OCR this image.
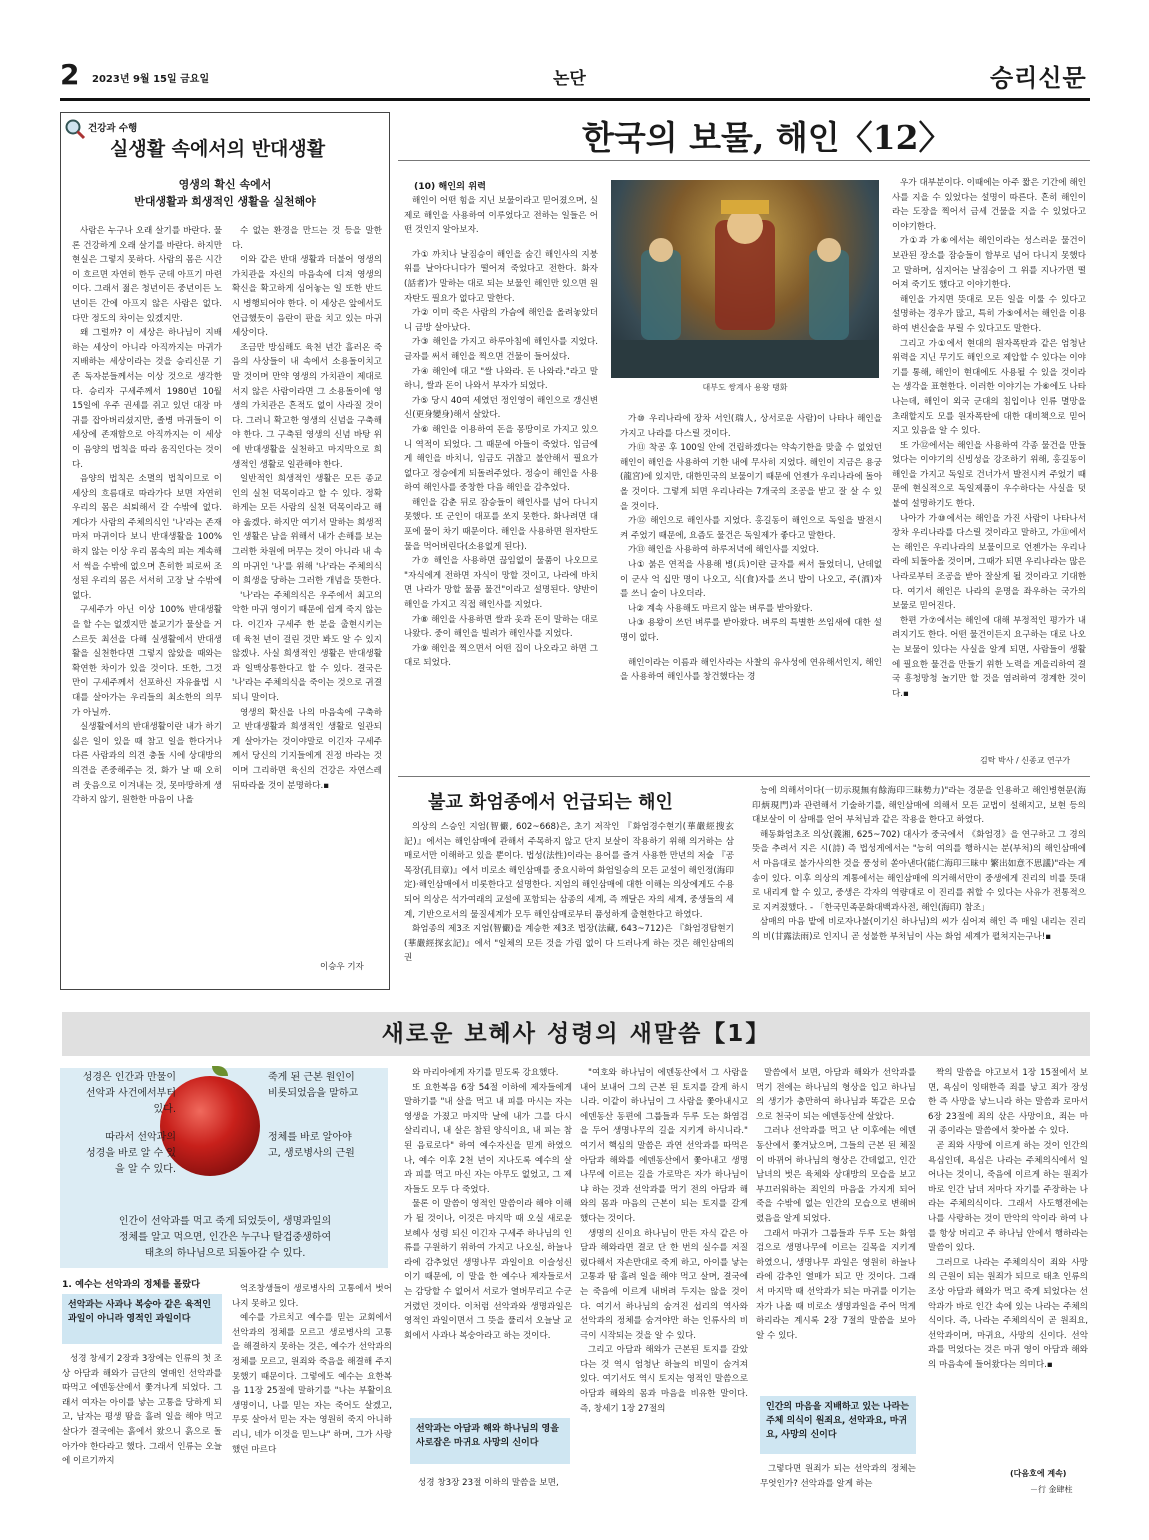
2 2023년 9월 15일 금요일	논단	승리신문
건강과 수행
실생활 속에서의 반대생활
영생의 확신 속에서
반대생활과 희생적인 생활을 실천해야

사람은 누구나 오래 살기를 바란다. 물론 건강하게 오래 살기를 바란다. 하지만 현실은 그렇지 못하다. 사람의 몸은 시간이 흐르면 자연히 한두 군데 아프기 마련이다. 그래서 젊은 청년이든 중년이든 노년이든 간에 아프지 않은 사람은 없다. 다만 정도의 차이는 있겠지만.

왜 그럴까? 이 세상은 하나님이 지배하는 세상이 아니라 아직까지는 마귀가 지배하는 세상이라는 것을 승리신문 기존 독자분들께서는 이상 것으로 생각한다. 승리자 구세주께서 1980년 10월 15일에 우주 권세를 쥐고 있던 대장 마귀를 잡아버리셨지만, 졸병 마귀들이 이 세상에 존재함으로 아직까지는 이 세상이 음양의 법칙을 따라 움직인다는 것이다.

음양의 법칙은 소멸의 법칙이므로 이 세상의 흐름대로 따라가다 보면 자연히 우리의 몸은 쇠퇴해서 갈 수밖에 없다. 게다가 사람의 주체의식인 '나'라는 존재마저 마귀이다 보니 반대생활을 100% 하지 않는 이상 우리 몸속의 피는 계속해서 썩을 수밖에 없으며 흔히한 피로써 조성된 우리의 몸은 서서히 고장 날 수밖에 없다.

구세주가 아닌 이상 100% 반대생활을 할 수는 없겠지만 불교기가 물살을 거스르듯 최선을 다해 실생활에서 반대생활을 실천한다면 그렇지 않았을 때와는 확연한 차이가 있을 것이다. 또한, 그것만이 구세주께서 선포하신 자유율법 시대를 살아가는 우리들의 최소한의 의무가 아닐까.

실생활에서의 반대생활이란 내가 하기 싫은 일이 있을 때 참고 일을 한다거나 다른 사람과의 의견 충돌 시에 상대방의 의견을 존중해주는 것, 화가 날 때 오히려 웃음으로 이겨내는 것, 못마땅하게 생각하지 않기, 원한한 마음이 나올

수 없는 환경을 만드는 것 등을 말한다.

이와 같은 반대 생활과 더불어 영생의 가치관을 자신의 마음속에 디져 영생의 확신을 확고하게 심어놓는 일 또한 반드시 병행되어야 한다. 이 세상은 앞에서도 언급했듯이 음란이 판을 치고 있는 마귀 세상이다.

조금만 방심해도 육천 년간 흘러온 죽음의 사상들이 내 속에서 소용돌이치고 말 것이며 만약 영생의 가치관이 제대로 서지 않은 사람이라면 그 소용돌이에 영생의 가치관은 흔적도 없이 사라질 것이다. 그러니 확고한 영생의 신념을 구축해야 한다. 그 구축된 영생의 신념 바탕 위에 반대생활을 실천하고 마지막으로 희생적인 생활로 일관해야 한다.

일반적인 희생적인 생활은 모든 종교인의 실천 덕목이라고 할 수 있다. 정확하게는 모든 사람의 실천 덕목이라고 해야 옳겠다. 하지만 여기서 말하는 희생적인 생활은 남을 위해서 내가 손해를 보는 그러한 차원에 머무는 것이 아니라 내 속의 마귀인 '나'를 위해 '나'라는 주체의식이 희생을 당하는 그러한 개념을 뜻한다.

'나'라는 주체의식은 우주에서 최고의 악한 마귀 영이기 때문에 쉽게 죽지 않는다. 이긴자 구세주 한 분을 출현시키는 데 육천 년이 걸린 것만 봐도 알 수 있지 않겠나. 사실 희생적인 생활은 반대생활과 일맥상통한다고 할 수 있다. 결국은 '나'라는 주체의식을 죽이는 것으로 귀결되니 말이다.

영생의 확신을 나의 마음속에 구축하고 반대생활과 희생적인 생활로 일관되게 살아가는 것이야말로 이긴자 구세주께서 당신의 기지들에게 진정 바라는 것이며 그리하면 육신의 건강은 자연스레 뒤따라올 것이 분명하다.▪

이승우 기자
한국의 보물, 해인〈12〉
(10) 해인의 위력

해인이 어떤 힘을 지닌 보물이라고 믿어졌으며, 실제로 해인을 사용하여 이루었다고 전하는 일들은 어떤 것인지 알아보자.

가① 까치나 날짐승이 해인을 숨긴 해인사의 지붕 위를 날아다니다가 떨어져 죽었다고 전한다. 화자(話者)가 말하는 대로 되는 보물인 해인만 있으면 원자탄도 필요가 없다고 말한다.

가② 이미 죽은 사람의 가슴에 해인을 올려놓았더니 금방 살아났다.

가③ 해인을 가지고 하루아침에 해인사를 지었다. 글자를 써서 해인을 찍으면 건물이 들어섰다.

가④ 해인에 대고 "쌀 나와라. 돈 나와라."라고 말하니, 쌀과 돈이 나와서 부자가 되었다.

가⑤ 당시 40여 세였던 정인영이 해인으로 갱신변신(更身變身)해서 살았다.

가⑥ 해인을 이용하여 돈을 몽땅이로 가지고 있으니 역적이 되었다. 그 때문에 아들이 죽었다. 임금에게 해인을 바치니, 임금도 귀찮고 불안해서 필요가 없다고 정승에게 되돌려주었다. 정승이 해인을 사용하여 해인사를 중창한 다음 해인을 감추었다.

해인을 감춘 뒤로 잠승들이 해인사를 넘어 다니지 못했다. 또 군인이 대포를 쏘지 못한다. 화나려면 대포에 물이 차기 때문이다. 해인을 사용하면 원자탄도 물을 먹어버린다(소용없게 된다).

가⑦ 해인을 사용하면 끊임없이 물품이 나오므로 "자식에게 전하면 자식이 망할 것이고, 나라에 바치면 나라가 망할 물품 물건"이라고 설명된다. 양반이 해인을 가지고 직접 해인사를 지었다.

가⑧ 해인을 사용하면 쌀과 옷과 돈이 말하는 대로 나왔다. 중이 해인을 빌려가 해인사를 지었다.

가⑨ 해인을 찍으면서 어떤 집이 나오라고 하면 그대로 되었다.

대부도 쌍계사 용왕 탱화

가⑩ 우리나라에 장차 서인(瑞人, 상서로운 사람)이 나타나 해인을 가지고 나라를 다스릴 것이다.

가⑪ 착공 후 100일 안에 건립하겠다는 약속기한을 맞출 수 없었던 해인이 해인을 사용하여 기한 내에 무사히 지었다. 해인이 지금은 용궁(龍宮)에 있지만, 대한민국의 보물이기 때문에 언젠가 우리나라에 돌아올 것이다. 그렇게 되면 우리나라는 7개국의 조공을 받고 잘 살 수 있을 것이다.

가⑫ 해인으로 해인사를 지었다. 홍길동이 해인으로 독일을 발전시켜 주었기 때문에, 요즘도 물건은 독일제가 좋다고 말한다.

가⑬ 해인을 사용하여 하루저녁에 해인사를 지었다.

나① 붉은 연적을 사용해 병(兵)이란 글자를 써서 들었더니, 난데없이 군사 억 십만 명이 나오고, 식(食)자를 쓰니 밥이 나오고, 주(酒)자를 쓰니 술이 나오더라.

나② 계속 사용해도 마르지 않는 벼루를 받아왔다.

나③ 용왕이 쓰던 벼루를 받아왔다. 벼루의 특별한 쓰임새에 대한 설명이 없다.

해인이라는 이름과 해인사라는 사찰의 유사성에 연유해서인지, 해인을 사용하여 해인사를 창건했다는 경

우가 대부분이다. 이때에는 아주 짧은 기간에 해인사를 지을 수 있었다는 설명이 따른다. 흔히 해인이라는 도장을 찍어서 금세 건물을 지을 수 있었다고 이야기한다.

가①과 가⑥에서는 해인이라는 성스러운 물건이 보관된 장소를 잠승들이 함부로 넘어 다니지 못했다고 말하며, 심지어는 날짐승이 그 위를 지나가면 떨어져 죽기도 했다고 이야기한다.

해인을 가지면 뜻대로 모든 일을 이룰 수 있다고 설명하는 경우가 많고, 특히 가⑤에서는 해인을 이용하여 변신술을 부릴 수 있다고도 말한다.

그리고 가①에서 현대의 원자폭탄과 같은 엄청난 위력을 지닌 무기도 해인으로 제압할 수 있다는 이야기를 통해, 해인이 현대에도 사용될 수 있을 것이라는 생각을 표현한다. 이러한 이야기는 가⑥에도 나타나는데, 해인이 외국 군대의 침입이나 인류 멸망을 초래할지도 모를 원자폭탄에 대한 대비책으로 믿어지고 있음을 알 수 있다.

또 가⑫에서는 해인을 사용하여 각종 물건을 만들었다는 이야기의 신빙성을 강조하기 위해, 홍길동이 해인을 가지고 독일로 건너가서 발전시켜 주었기 때문에 현실적으로 독일제품이 우수하다는 사실을 덧붙여 설명하기도 한다.

나아가 가⑩에서는 해인을 가진 사람이 나타나서 장차 우리나라를 다스릴 것이라고 말하고, 가⑪에서는 해인은 우리나라의 보물이므로 언젠가는 우리나라에 되돌아올 것이며, 그때가 되면 우리나라는 많은 나라로부터 조공을 받아 잘살게 될 것이라고 기대한다. 여기서 해인은 나라의 운명을 좌우하는 국가의 보물로 믿어진다.

한편 가⑦에서는 해인에 대해 부정적인 평가가 내려지기도 한다. 어떤 물건이든지 요구하는 대로 나오는 보물이 있다는 사실을 알게 되면, 사람들이 생활에 필요한 물건을 만들기 위한 노력을 게을리하여 결국 흥청망청 놀기만 할 것을 염려하여 경계한 것이다.▪

김탁 박사 / 신종교 연구가
불교 화엄종에서 언급되는 해인

의상의 스승인 지엄(智儼, 602~668)은, 초기 저작인 『화엄경수현기(華嚴經搜玄記)』에서는 해인삼매에 관해서 주목하지 않고 단지 보살이 작용하기 위해 의거하는 삼매로서만 이해하고 있을 뿐이다. 법성(法性)이라는 용어를 즐겨 사용한 만년의 저술 『공목장(孔目章)』에서 비로소 해인삼매를 중요시하여 화엄일승의 모든 교설이 해인정(海印定)·해인삼매에서 비롯한다고 설명한다. 지엄의 해인삼매에 대한 이해는 의상에게도 수용되어 의상은 석가여래의 교설에 포함되는 삼종의 세계, 즉 깨달은 자의 세계, 중생들의 세계, 기반으로서의 물질세계가 모두 해인삼매로부터 품성하게 출현한다고 하였다.

화엄종의 제3조 지엄(智儼)을 계승한 제3조 법장(法藏, 643~712)은 『화엄경탐현기(華嚴經探玄記)』에서 "일체의 모든 것을 가림 없이 다 드러나게 하는 것은 해인삼매의 권

능에 의해서이다(一切示現無有餘海印三昧勢力)"라는 경문을 인용하고 해인병현문(海印炳現門)과 관련해서 기술하기를, 해인삼매에 의해서 모든 교법이 설해지고, 보현 등의 대보살이 이 삼매를 얻어 부처님과 같은 작용을 한다고 하였다.

해동화엄초조 의상(義湘, 625~702) 대사가 중국에서 《화엄경》을 연구하고 그 경의 뜻을 추려서 지은 시(詩) 즉 법성게에서는 "능히 여의를 행하시는 분(부처)의 해인삼매에서 마음대로 불가사의한 것을 풍성히 쏟아낸다(能仁海印三昧中 繁出如意不思議)"라는 게송이 있다. 이후 의상의 계통에서는 해인삼매에 의거해서만이 중생에게 진리의 비를 뜻대로 내리게 할 수 있고, 중생은 각자의 역량대로 이 진리를 취할 수 있다는 사유가 전통적으로 지켜졌했다. - 「한국민족문화대백과사전, 해인(海印) 참조」

삼매의 마음 밭에 비로자나불(이기신 하나님)의 씨가 심어져 해인 즉 매일 내리는 진리의 비(甘露法雨)로 인지니 곧 성불한 부처님이 사는 화엄 세계가 펼쳐지는구나!▪

새로운 보혜사 성령의 새말씀【1】
성경은 인간과 만물이
선악과 사건에서부터
있다.
죽게 된 근본 원인이
비롯되었음을 말하고
따라서 선악과의
성경을 바로 알 수 있
을 알 수 있다.
정체를 바로 알아야
고, 생로병사의 근원
인간이 선악과를 먹고 죽게 되었듯이, 생명과일의
정체를 알고 먹으면, 인간은 누구나 탈겁중생하여
태초의 하나님으로 되돌아갈 수 있다.
1. 예수는 선악과의 정체를 몰랐다
선악과는 사과나 복숭아 같은 육적인 과일이 아니라 영적인 과일이다

성경 창세기 2장과 3장에는 인류의 첫 조상 아담과 해와가 금단의 열매인 선악과를 따먹고 에덴동산에서 쫓겨나게 되었다. 그래서 여자는 아이를 낳는 고통을 당하게 되고, 남자는 평생 땀을 흘려 일을 해야 먹고 살다가 결국에는 흙에서 왔으니 흙으로 돌아가야 한다라고 했다. 그래서 인류는 오늘에 이르기까지

억조창생들이 생로병사의 고통에서 벗어나지 못하고 있다.

예수를 가르치고 예수를 믿는 교회에서 선악과의 정체를 모르고 생로병사의 고통을 해결하지 못하는 것은, 예수가 선악과의 정체를 모르고, 원죄와 죽음을 해결해 주지 못했기 때문이다. 그렇에도 예수는 요한복음 11장 25절에 말하기를 "나는 부활이요 생명이니, 나를 믿는 자는 죽어도 살겠고, 무릇 살아서 믿는 자는 영원히 죽지 아니하리니, 네가 이것을 믿느냐" 하며, 그가 사랑했던 마르다

와 마리아에게 자기를 믿도록 강요했다.

또 요한복음 6장 54절 이하에 제자들에게 말하기를 "내 살을 먹고 내 피를 마시는 자는 영생을 가졌고 마지막 날에 내가 그를 다시 살리리니, 내 살은 참된 양식이요, 내 피는 참된 음료로다" 하여 예수자신을 믿게 하였으나, 예수 이후 2천 년이 지나도록 예수의 살과 피를 먹고 마신 자는 아무도 없었고, 그 제자들도 모두 다 죽었다.

물론 이 말씀이 영적인 말씀이라 해야 이해가 될 것이나, 이것은 마지막 때 오실 새로운 보혜사 성령 되신 이긴자 구세주 하나님의 인류를 구원하기 위하여 가지고 나오실, 하늘나라에 감추었던 생명나무 과일이요 이슬성신이기 때문에, 이 말을 한 예수나 제자들로서는 감당할 수 없어서 서로가 열버무리고 수군거렸던 것이다. 이처럼 선악과와 생명과일은 영적인 과일이면서 그 뜻을 풀리서 오늘날 교회에서 사과나 복숭아라고 하는 것이다.

선악과는 아담과 해와 하나님의 영을 사로잡은 마귀요 사망의 신이다
성경 창3장 23절 이하의 말씀을 보면,

"여호와 하나님이 에덴동산에서 그 사람을 내어 보내어 그의 근본 된 토지를 갈게 하시니라. 이같이 하나님이 그 사람을 쫓아내시고 에덴동산 동편에 그룹들과 두루 도는 화염검을 두어 생명나무의 길을 지키게 하시니라." 여기서 핵심의 말씀은 과연 선악과를 따먹은 아담과 해와를 에덴동산에서 쫓아내고 생명나무에 이르는 길을 가로막은 자가 하나님이냐 하는 것과 선악과를 먹기 전의 아담과 해와의 몸과 마음의 근본이 되는 토지를 갈게 했다는 것이다.

생명의 신이요 하나님이 만든 자식 같은 아담과 해와라면 결코 단 한 번의 실수를 저질렀다해서 자손만대로 죽게 하고, 아이를 낳는 고통과 땀 흘려 일을 해야 먹고 살며, 결국에는 죽음에 이르게 내버려 두지는 않을 것이다. 여기서 하나님의 숨겨진 섭리의 역사와 선악과의 정체를 숨겨야만 하는 인류사의 비극이 시작되는 것을 알 수 있다.

그리고 아담과 해와가 근본된 토지를 갈았다는 것 역시 엄청난 하늘의 비밀이 숨겨져 있다. 여기서도 역시 토지는 영적인 말씀으로 아담과 해와의 몸과 마음을 비유한 말이다. 즉, 창세기 1장 27절의

말씀에서 보면, 아담과 해와가 선악과를 먹기 전에는 하나님의 형상을 입고 하나님의 생기가 충만하여 하나님과 똑같은 모습으로 천국이 되는 에덴동산에 살았다.

그러나 선악과를 먹고 난 이후에는 에덴동산에서 쫓겨났으며, 그들의 근본 된 체질이 바뀌어 하나님의 형상은 간데없고, 인간 남녀의 벗은 육체와 상대방의 모습을 보고 부끄러워하는 죄인의 마음을 가지게 되어 죽을 수밖에 없는 인간의 모습으로 변해버렸음을 알게 되었다.

그래서 마귀가 그룹들과 두루 도는 화염검으로 생명나무에 이르는 길목을 지키게 하였으니, 생명나무 과일은 영원히 하늘나라에 감추인 열매가 되고 만 것이다. 그래서 마지막 때 선악과가 되는 마귀를 이기는 자가 나올 때 비로소 생명과일을 주어 먹게 하리라는 계시록 2장 7절의 말씀을 보아 알 수 있다.

인간의 마음을 지배하고 있는 나라는 주체 의식이 원죄요, 선악과요, 마귀요, 사망의 신이다
그렇다면 원죄가 되는 선악과의 정체는 무엇인가? 선악과를 알게 하는

짝의 말씀을 야고보서 1장 15절에서 보면, 욕심이 잉태한즉 죄를 낳고 죄가 장성한 즉 사망을 낳느니라 하는 말씀과 로마서 6장 23절에 죄의 삯은 사망이요, 죄는 마귀 종이라는 말씀에서 찾아볼 수 있다.

곧 죄와 사망에 이르게 하는 것이 인간의 욕심인데, 욕심은 나라는 주체의식에서 일어나는 것이니, 죽음에 이르게 하는 원죄가 바로 인간 남녀 저마다 자기를 주장하는 나라는 주체의식이다. 그래서 사도행전에는 나를 사랑하는 것이 만악의 악이라 하여 나를 항상 버리고 주 하나님 안에서 행하라는 말씀이 있다.

그러므로 나라는 주체의식이 죄와 사망의 근원이 되는 원죄가 되므로 태초 인류의 조상 아담과 해와가 먹고 죽게 되었다는 선악과가 바로 인간 속에 있는 나라는 주체의식이다. 즉, 나라는 주체의식이 곧 원죄요, 선악과이며, 마귀요, 사망의 신이다. 선악과를 먹었다는 것은 마귀 영이 아담과 해와의 마음속에 들어왔다는 의미다.▪

(다음호에 계속)
－行 金肆柱
